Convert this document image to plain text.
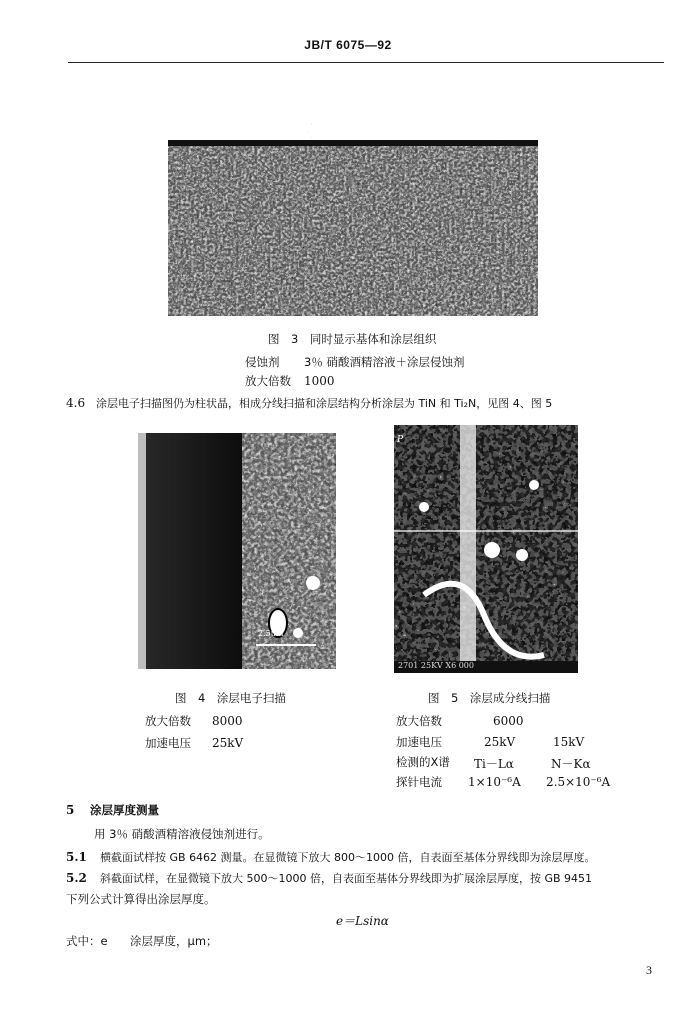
JB/T 6075—92
图　3　同时显示基体和涂层组织
侵蚀剂 3％ 硝酸酒精溶液＋涂层侵蚀剂
放大倍数 1000
4.6 涂层电子扫描图仍为柱状晶，相成分线扫描和涂层结构分析涂层为 TiN 和 Ti₂N，见图 4、图 5
2.5um
P
2701 25KV X6 000
图　4　涂层电子扫描
放大倍数 8000
加速电压 25kV
图　5　涂层成分线扫描
放大倍数	6000
加速电压	25kV	15kV
检测的X谱 Ti－Lα	N－Kα
探针电流 1×10⁻⁶A 2.5×10⁻⁶A
5 涂层厚度测量
用 3％ 硝酸酒精溶液侵蚀剂进行。
5.1 横截面试样按 GB 6462 测量。在显微镜下放大 800～1000 倍，自表面至基体分界线即为涂层厚度。
5.2 斜截面试样，在显微镜下放大 500～1000 倍，自表面至基体分界线即为扩展涂层厚度，按 GB 9451
下列公式计算得出涂层厚度。
e＝Lsinα
式中：e 涂层厚度，μm；
3
